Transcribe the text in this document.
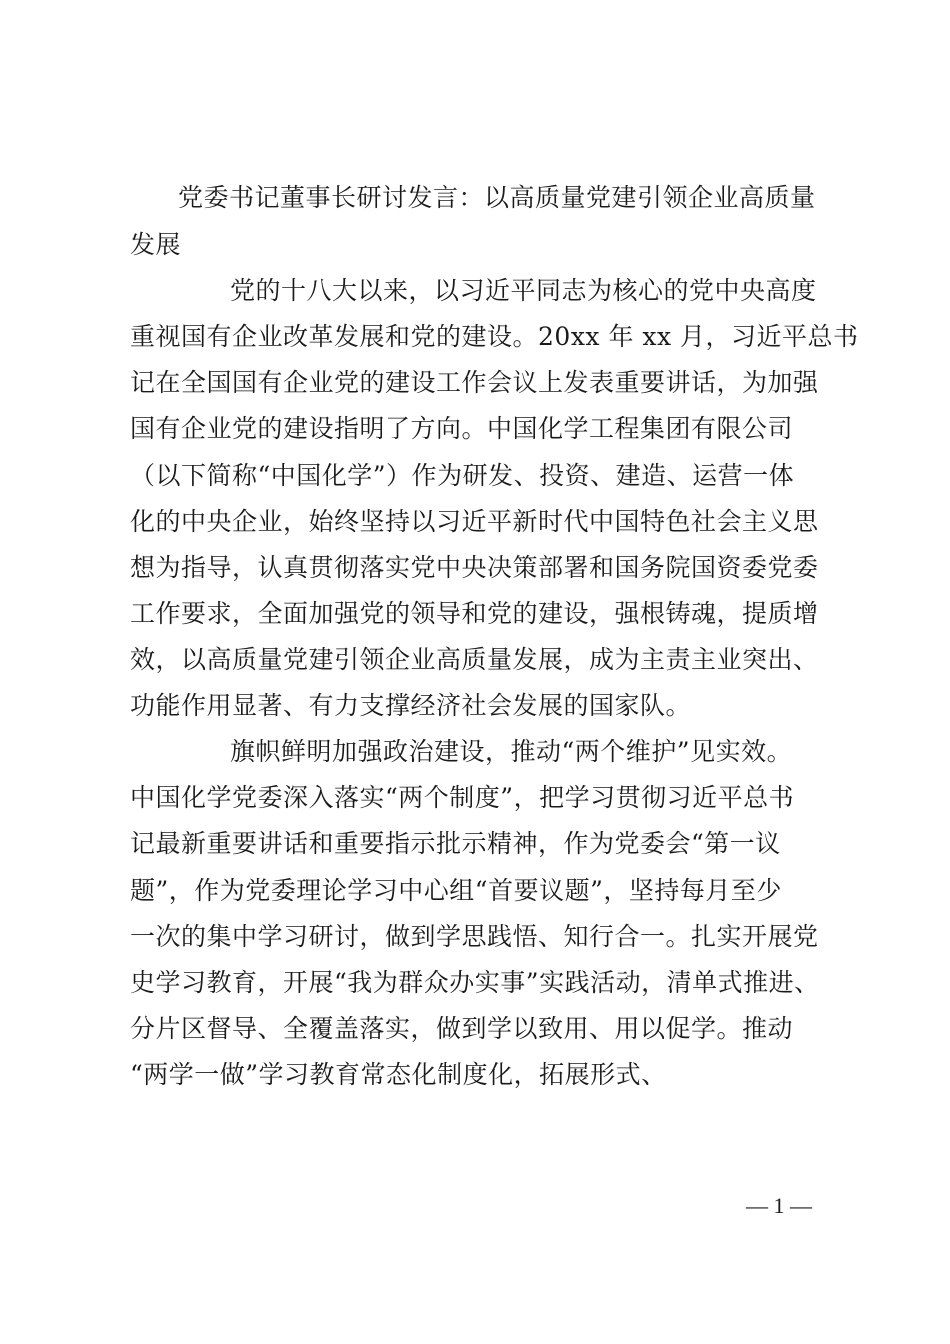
党委书记董事长研讨发言：以高质量党建引领企业高质量
发展
党的十八大以来，以习近平同志为核心的党中央高度
重视国有企业改革发展和党的建设。20xx 年 xx 月，习近平总书
记在全国国有企业党的建设工作会议上发表重要讲话，为加强
国有企业党的建设指明了方向。中国化学工程集团有限公司
（以下简称“中国化学”）作为研发、投资、建造、运营一体
化的中央企业，始终坚持以习近平新时代中国特色社会主义思
想为指导，认真贯彻落实党中央决策部署和国务院国资委党委
工作要求，全面加强党的领导和党的建设，强根铸魂，提质增
效，以高质量党建引领企业高质量发展，成为主责主业突出、
功能作用显著、有力支撑经济社会发展的国家队。
旗帜鲜明加强政治建设，推动“两个维护”见实效。
中国化学党委深入落实“两个制度”，把学习贯彻习近平总书
记最新重要讲话和重要指示批示精神，作为党委会“第一议
题”，作为党委理论学习中心组“首要议题”，坚持每月至少
一次的集中学习研讨，做到学思践悟、知行合一。扎实开展党
史学习教育，开展“我为群众办实事”实践活动，清单式推进、
分片区督导、全覆盖落实，做到学以致用、用以促学。推动
“两学一做”学习教育常态化制度化，拓展形式、
— 1 —
